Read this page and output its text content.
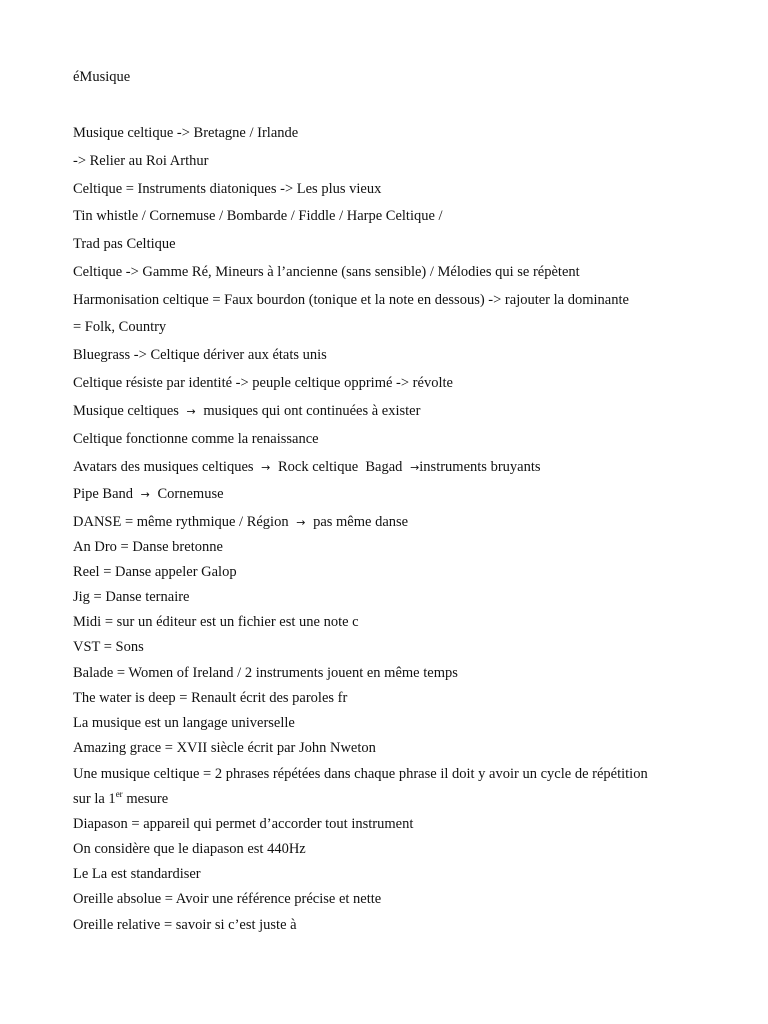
éMusique
Musique celtique -> Bretagne / Irlande
-> Relier au Roi Arthur
Celtique = Instruments diatoniques -> Les plus vieux
Tin whistle / Cornemuse / Bombarde / Fiddle / Harpe Celtique /
Trad pas Celtique
Celtique -> Gamme Ré, Mineurs à l’ancienne (sans sensible) / Mélodies qui se répètent
Harmonisation celtique = Faux bourdon (tonique et la note en dessous) -> rajouter la dominante
= Folk, Country
Bluegrass -> Celtique dériver aux états unis
Celtique résiste par identité -> peuple celtique opprimé -> révolte
Musique celtiques → musiques qui ont continuées à exister
Celtique fonctionne comme la renaissance
Avatars des musiques celtiques → Rock celtique  Bagad →instruments bruyants
Pipe Band → Cornemuse
DANSE = même rythmique / Région → pas même danse
An Dro = Danse bretonne
Reel = Danse appeler Galop
Jig = Danse ternaire
Midi = sur un éditeur est un fichier est une note c
VST = Sons
Balade = Women of Ireland / 2 instruments jouent en même temps
The water is deep = Renault écrit des paroles fr
La musique est un langage universelle
Amazing grace = XVII siècle écrit par John Nweton
Une musique celtique = 2 phrases répétées dans chaque phrase il doit y avoir un cycle de répétition
sur la 1er mesure
Diapason = appareil qui permet d’accorder tout instrument
On considère que le diapason est 440Hz
Le La est standardiser
Oreille absolue = Avoir une référence précise et nette
Oreille relative = savoir si c’est juste à
